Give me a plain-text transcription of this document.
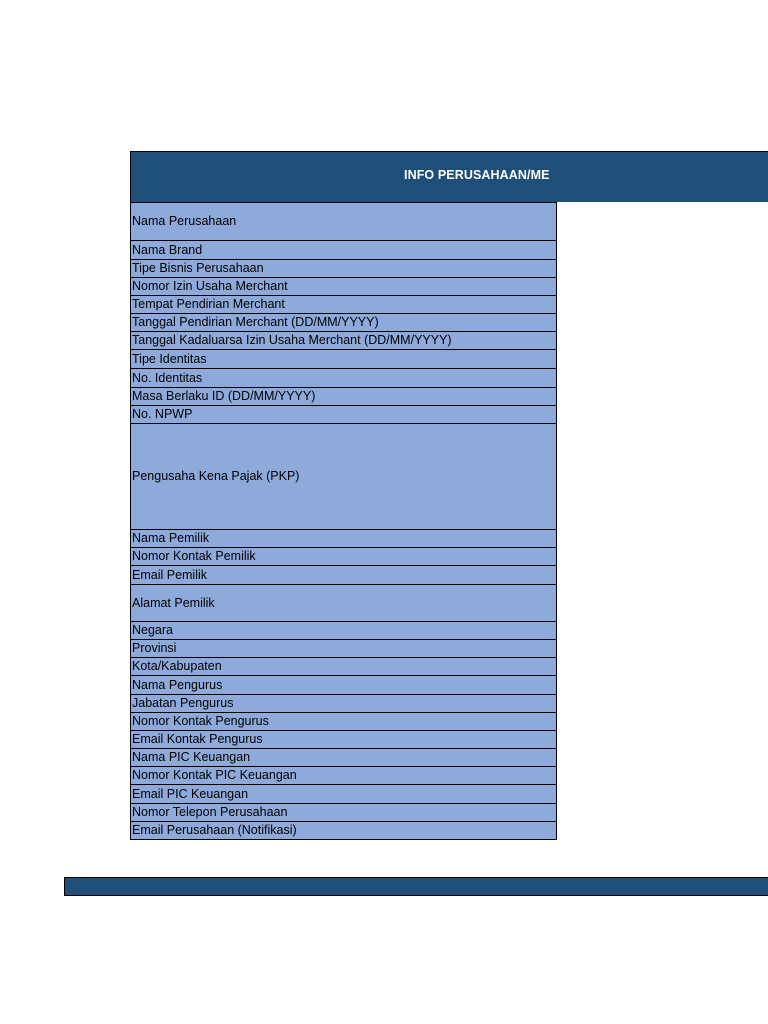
INFO PERUSAHAAN/ME
Nama Perusahaan
Nama Brand
Tipe Bisnis Perusahaan
Nomor Izin Usaha Merchant
Tempat Pendirian Merchant
Tanggal Pendirian Merchant (DD/MM/YYYY)
Tanggal Kadaluarsa Izin Usaha Merchant (DD/MM/YYYY)
Tipe Identitas
No. Identitas
Masa Berlaku ID (DD/MM/YYYY)
No. NPWP
Pengusaha Kena Pajak (PKP)
Nama Pemilik
Nomor Kontak Pemilik
Email Pemilik
Alamat Pemilik
Negara
Provinsi
Kota/Kabupaten
Nama Pengurus
Jabatan Pengurus
Nomor Kontak Pengurus
Email Kontak Pengurus
Nama PIC Keuangan
Nomor Kontak PIC Keuangan
Email PIC Keuangan
Nomor Telepon Perusahaan
Email Perusahaan (Notifikasi)
